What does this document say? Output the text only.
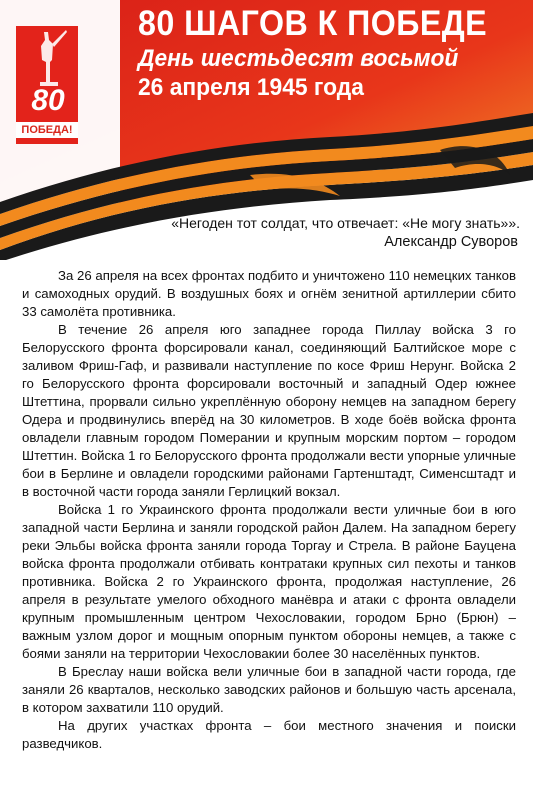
80
ПОБЕДА!
80 ШАГОВ К ПОБЕДЕ
День шестьдесят восьмой
26 апреля 1945 года
«Негоден тот солдат, что отвечает: «Не могу знать»».
Александр Суворов

За 26 апреля на всех фронтах подбито и уничтожено 110 немецких танков и самоходных орудий. В воздушных боях и огнём зенитной артиллерии сбито 33 самолёта противника.

В течение 26 апреля юго западнее города Пиллау войска 3 го Белорусского фронта форсировали канал, соединяющий Балтийское море с заливом Фриш-Гаф, и развивали наступление по косе Фриш Нерунг. Войска 2 го Белорусского фронта форсировали восточный и западный Одер южнее Штеттина, прорвали сильно укреплённую оборону немцев на западном берегу Одера и продвинулись вперёд на 30 километров. В ходе боёв войска фронта овладели главным городом Померании и крупным морским портом – городом Штеттин. Войска 1 го Белорусского фронта продолжали вести упорные уличные бои в Берлине и овладели городскими районами Гартенштадт, Сименсштадт и в восточной части города заняли Герлицкий вокзал.

Войска 1 го Украинского фронта продолжали вести уличные бои в юго западной части Берлина и заняли городской район Далем. На западном берегу реки Эльбы войска фронта заняли города Торгау и Стрела. В районе Бауцена войска фронта продолжали отбивать контратаки крупных сил пехоты и танков противника. Войска 2 го Украинского фронта, продолжая наступление, 26 апреля в результате умелого обходного манёвра и атаки с фронта овладели крупным промышленным центром Чехословакии, городом Брно (Брюн) – важным узлом дорог и мощным опорным пунктом обороны немцев, а также с боями заняли на территории Чехословакии более 30 населённых пунктов.

В Бреслау наши войска вели уличные бои в западной части города, где заняли 26 кварталов, несколько заводских районов и большую часть арсенала, в котором захватили 110 орудий.

На других участках фронта – бои местного значения и поиски разведчиков.
